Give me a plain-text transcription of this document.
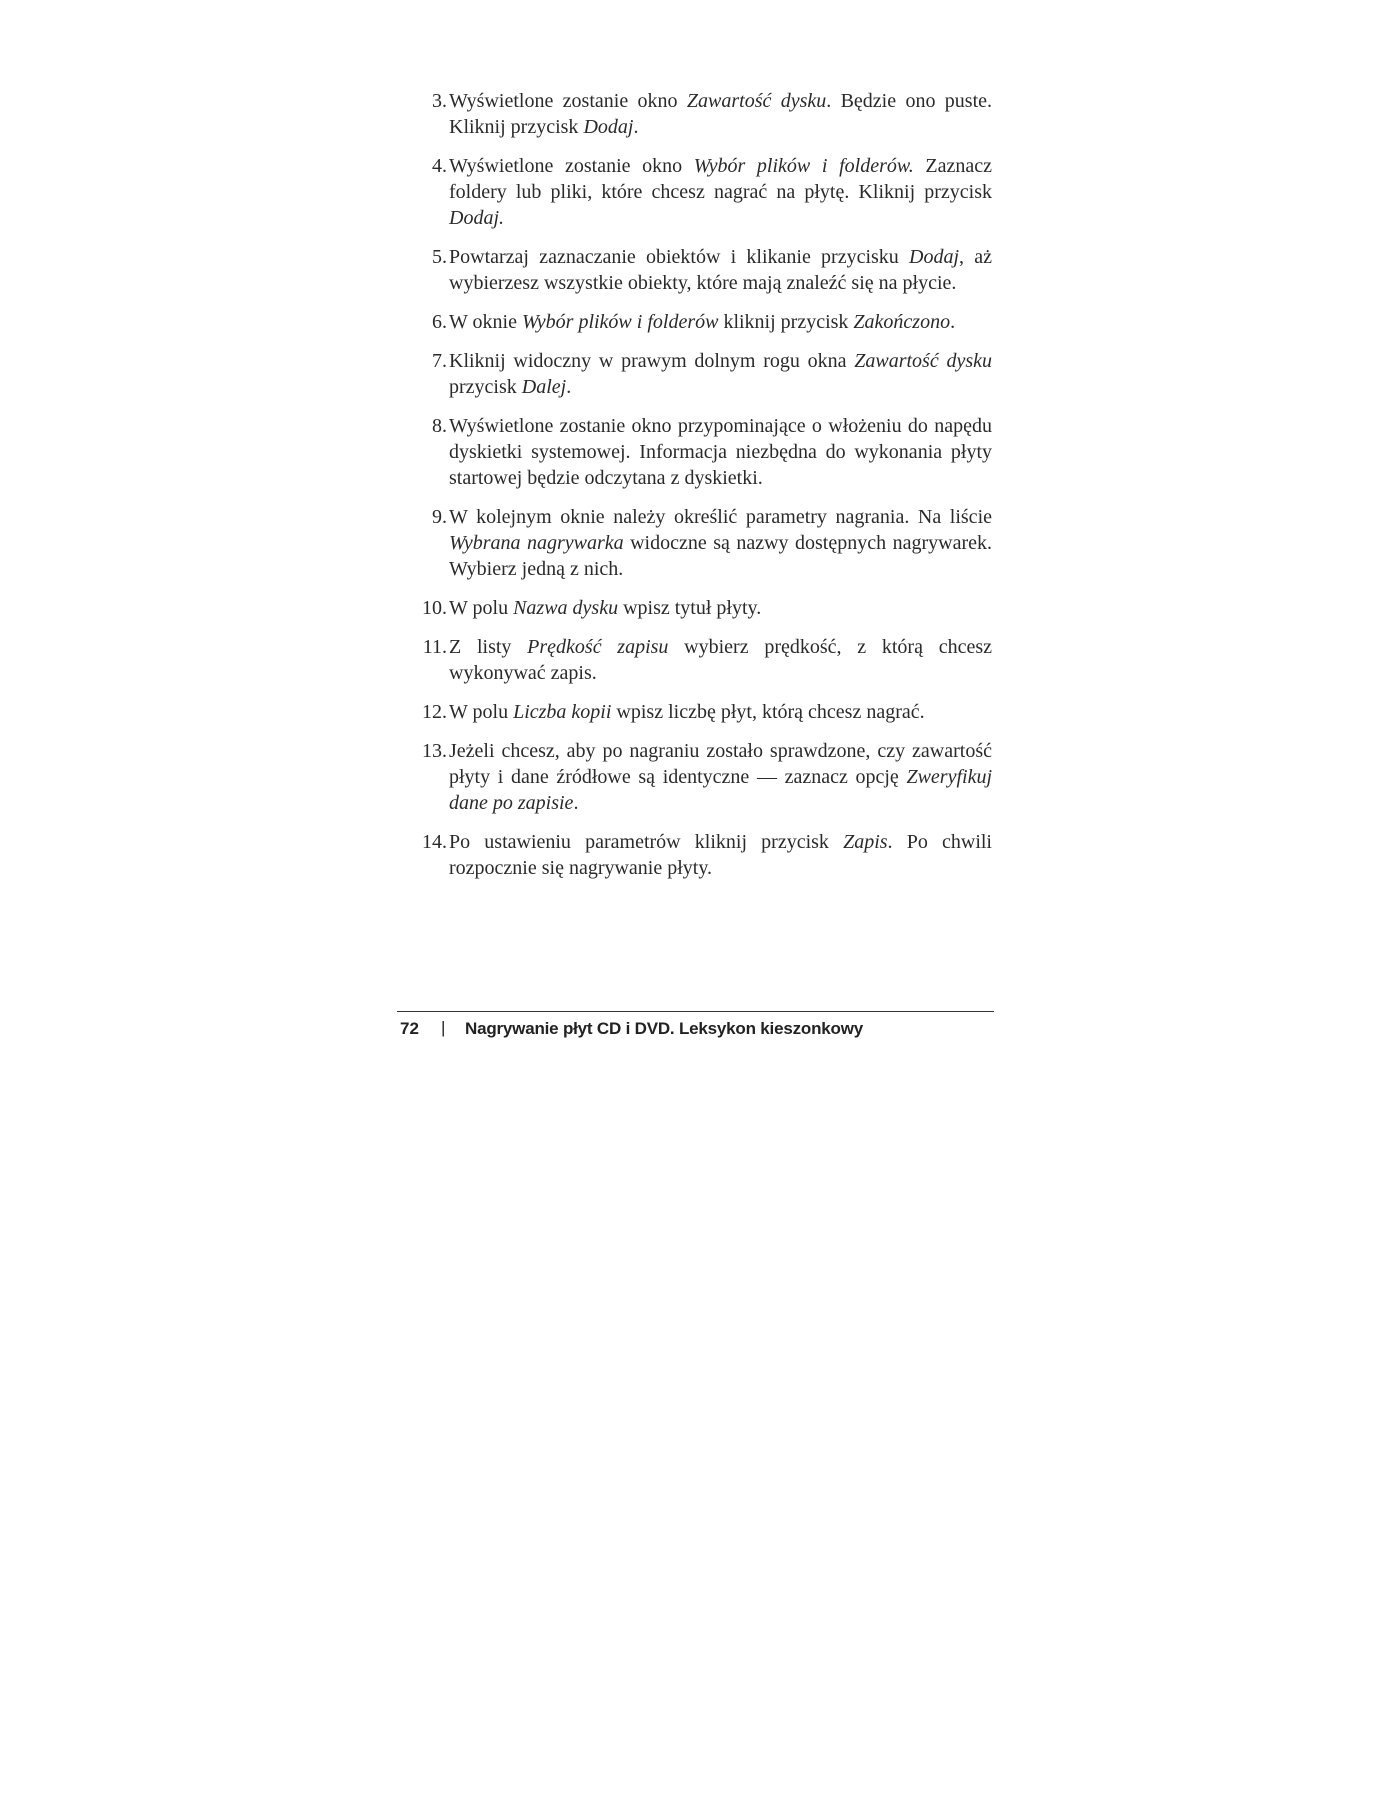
3. Wyświetlone zostanie okno Zawartość dysku. Będzie ono puste. Kliknij przycisk Dodaj.
4. Wyświetlone zostanie okno Wybór plików i folderów. Zaznacz foldery lub pliki, które chcesz nagrać na płytę. Kliknij przycisk Dodaj.
5. Powtarzaj zaznaczanie obiektów i klikanie przycisku Dodaj, aż wybierzesz wszystkie obiekty, które mają znaleźć się na płycie.
6. W oknie Wybór plików i folderów kliknij przycisk Zakończono.
7. Kliknij widoczny w prawym dolnym rogu okna Zawartość dysku przycisk Dalej.
8. Wyświetlone zostanie okno przypominające o włożeniu do napędu dyskietki systemowej. Informacja niezbędna do wykonania płyty startowej będzie odczytana z dyskietki.
9. W kolejnym oknie należy określić parametry nagrania. Na liście Wybrana nagrywarka widoczne są nazwy dostępnych nagrywarek. Wybierz jedną z nich.
10. W polu Nazwa dysku wpisz tytuł płyty.
11. Z listy Prędkość zapisu wybierz prędkość, z którą chcesz wykonywać zapis.
12. W polu Liczba kopii wpisz liczbę płyt, którą chcesz nagrać.
13. Jeżeli chcesz, aby po nagraniu zostało sprawdzone, czy zawartość płyty i dane źródłowe są identyczne — zaznacz opcję Zweryfikuj dane po zapisie.
14. Po ustawieniu parametrów kliknij przycisk Zapis. Po chwili rozpocznie się nagrywanie płyty.
72 | Nagrywanie płyt CD i DVD. Leksykon kieszonkowy
